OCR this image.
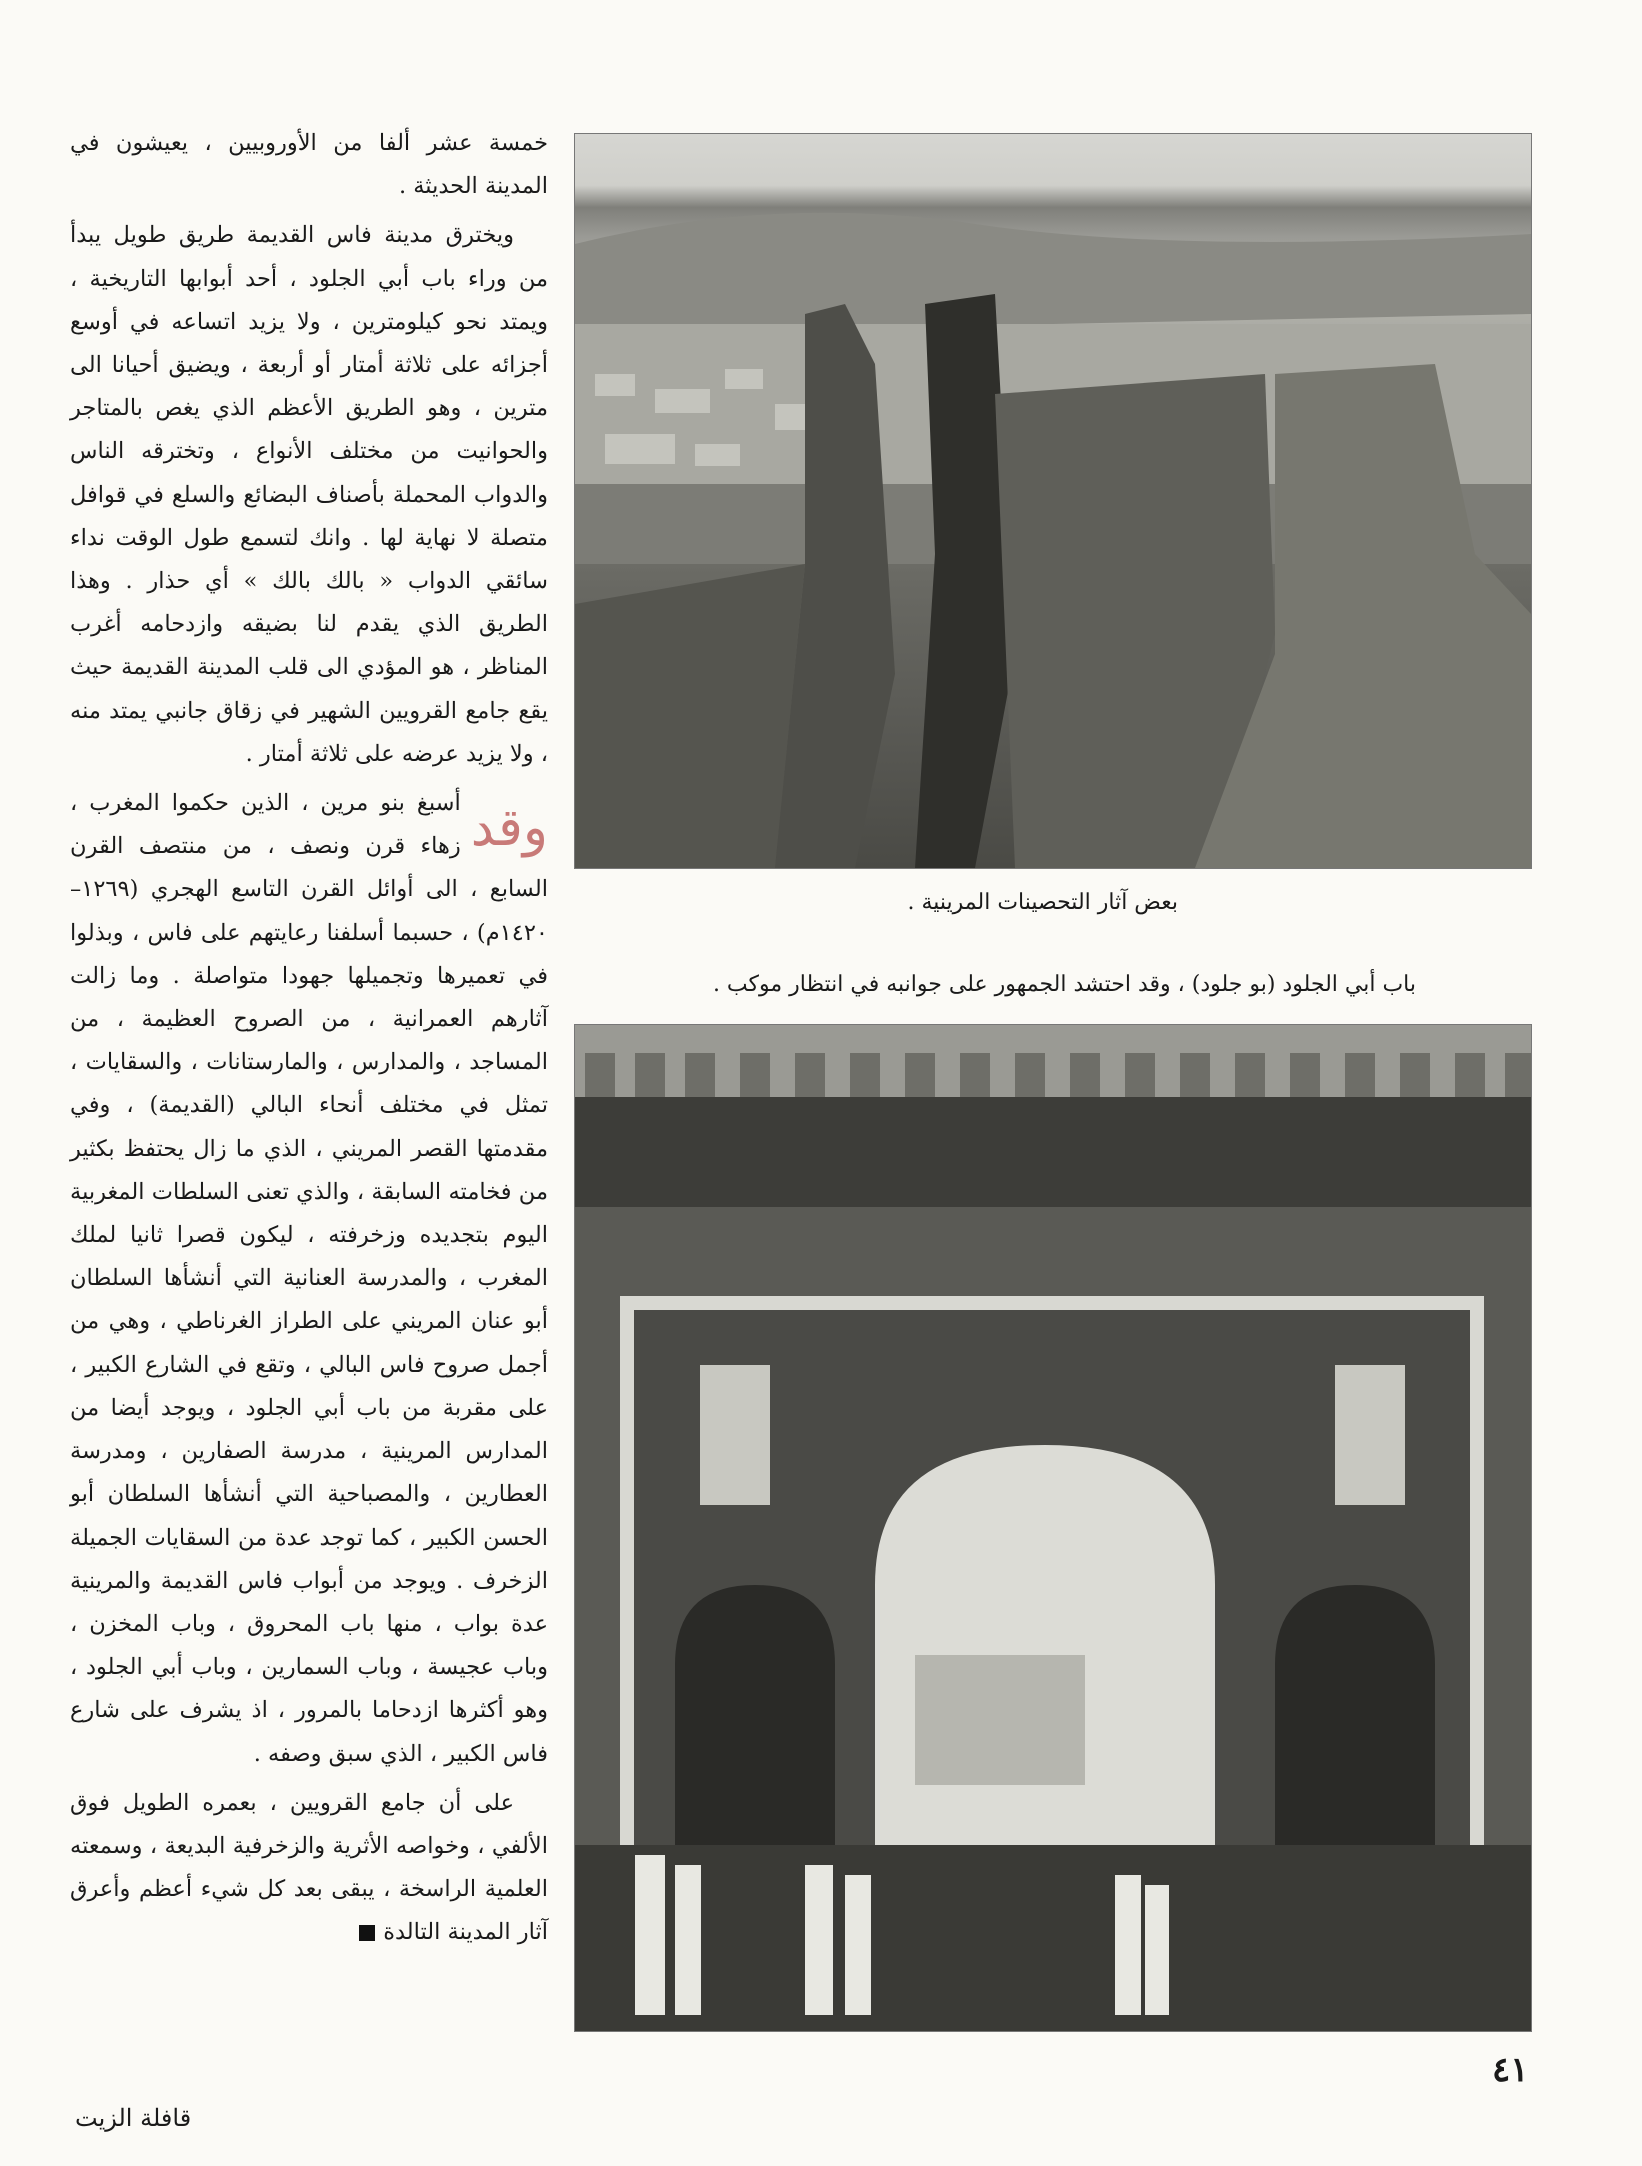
خمسة عشر ألفا من الأوروبيين ، يعيشون في المدينة الحديثة .

ويخترق مدينة فاس القديمة طريق طويل يبدأ من وراء باب أبي الجلود ، أحد أبوابها التاريخية ، ويمتد نحو كيلومترين ، ولا يزيد اتساعه في أوسع أجزائه على ثلاثة أمتار أو أربعة ، ويضيق أحيانا الى مترين ، وهو الطريق الأعظم الذي يغص بالمتاجر والحوانيت من مختلف الأنواع ، وتخترقه الناس والدواب المحملة بأصناف البضائع والسلع في قوافل متصلة لا نهاية لها . وانك لتسمع طول الوقت نداء سائقي الدواب « بالك بالك » أي حذار . وهذا الطريق الذي يقدم لنا بضيقه وازدحامه أغرب المناظر ، هو المؤدي الى قلب المدينة القديمة حيث يقع جامع القرويين الشهير في زقاق جانبي يمتد منه ، ولا يزيد عرضه على ثلاثة أمتار .

وقد
أسبغ بنو مرين ، الذين حكموا المغرب ، زهاء قرن ونصف ، من منتصف القرن السابع ، الى أوائل القرن التاسع الهجري (١٢٦٩–١٤٢٠م) ، حسبما أسلفنا رعايتهم على فاس ، وبذلوا في تعميرها وتجميلها جهودا متواصلة . وما زالت آثارهم العمرانية ، من الصروح العظيمة ، من المساجد ، والمدارس ، والمارستانات ، والسقايات ، تمثل في مختلف أنحاء البالي (القديمة) ، وفي مقدمتها القصر المريني ، الذي ما زال يحتفظ بكثير من فخامته السابقة ، والذي تعنى السلطات المغربية اليوم بتجديده وزخرفته ، ليكون قصرا ثانيا لملك المغرب ، والمدرسة العنانية التي أنشأها السلطان أبو عنان المريني على الطراز الغرناطي ، وهي من أجمل صروح فاس البالي ، وتقع في الشارع الكبير ، على مقربة من باب أبي الجلود ، ويوجد أيضا من المدارس المرينية ، مدرسة الصفارين ، ومدرسة العطارين ، والمصباحية التي أنشأها السلطان أبو الحسن الكبير ، كما توجد عدة من السقايات الجميلة الزخرف . ويوجد من أبواب فاس القديمة والمرينية عدة بواب ، منها باب المحروق ، وباب المخزن ، وباب عجيسة ، وباب السمارين ، وباب أبي الجلود ، وهو أكثرها ازدحاما بالمرور ، اذ يشرف على شارع فاس الكبير ، الذي سبق وصفه .

على أن جامع القرويين ، بعمره الطويل فوق الألفي ، وخواصه الأثرية والزخرفية البديعة ، وسمعته العلمية الراسخة ، يبقى بعد كل شيء أعظم وأعرق آثار المدينة التالدة

بعض آثار التحصينات المرينية .
باب أبي الجلود (بو جلود) ، وقد احتشد الجمهور على جوانبه في انتظار موكب .
٤١
قافلة الزيت
